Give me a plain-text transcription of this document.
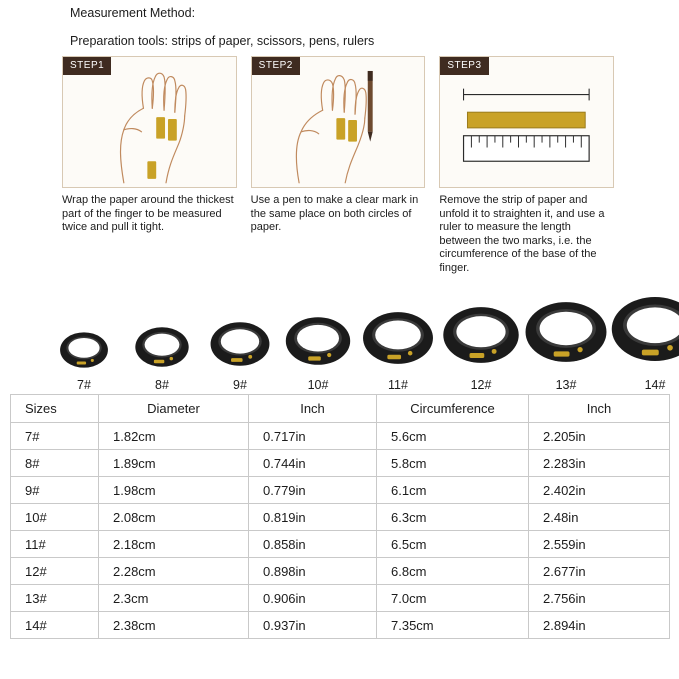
Measurement Method:
Preparation tools: strips of paper, scissors, pens, rulers
STEP1
Wrap the paper around the thickest part of the finger to be measured twice and pull it tight.
STEP2
Use a pen to make a clear mark in the same place on both circles of paper.
STEP3
Remove the strip of paper and unfold it to straighten it, and use a ruler to measure the length between the two marks, i.e. the circumference of the base of the finger.
7#	8#	9#	10#	11#	12#	13#	14#
Sizes	Diameter	Inch	Circumference	Inch
7#	1.82cm	0.717in	5.6cm	2.205in
8#	1.89cm	0.744in	5.8cm	2.283in
9#	1.98cm	0.779in	6.1cm	2.402in
10#	2.08cm	0.819in	6.3cm	2.48in
11#	2.18cm	0.858in	6.5cm	2.559in
12#	2.28cm	0.898in	6.8cm	2.677in
13#	2.3cm	0.906in	7.0cm	2.756in
14#	2.38cm	0.937in	7.35cm	2.894in
